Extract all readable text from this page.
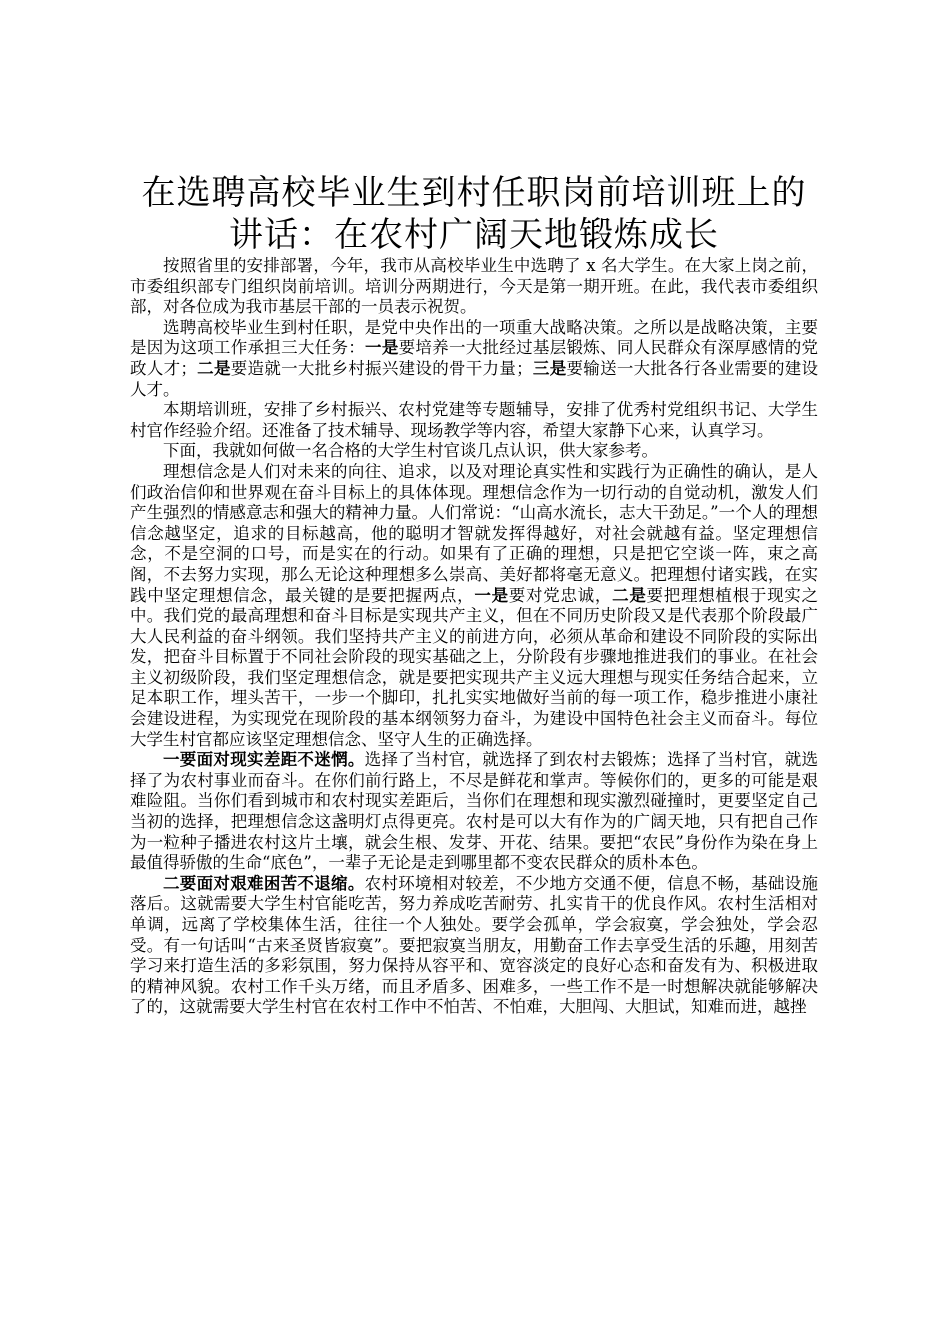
在选聘高校毕业生到村任职岗前培训班上的讲话：在农村广阔天地锻炼成长

按照省里的安排部署，今年，我市从高校毕业生中选聘了 x 名大学生。在大家上岗之前，市委组织部专门组织岗前培训。培训分两期进行，今天是第一期开班。在此，我代表市委组织部，对各位成为我市基层干部的一员表示祝贺。

选聘高校毕业生到村任职，是党中央作出的一项重大战略决策。之所以是战略决策，主要是因为这项工作承担三大任务：一是要培养一大批经过基层锻炼、同人民群众有深厚感情的党政人才；二是要造就一大批乡村振兴建设的骨干力量；三是要输送一大批各行各业需要的建设人才。

本期培训班，安排了乡村振兴、农村党建等专题辅导，安排了优秀村党组织书记、大学生村官作经验介绍。还准备了技术辅导、现场教学等内容，希望大家静下心来，认真学习。

下面，我就如何做一名合格的大学生村官谈几点认识，供大家参考。

理想信念是人们对未来的向往、追求，以及对理论真实性和实践行为正确性的确认，是人们政治信仰和世界观在奋斗目标上的具体体现。理想信念作为一切行动的自觉动机，激发人们产生强烈的情感意志和强大的精神力量。人们常说：“山高水流长，志大干劲足。”一个人的理想信念越坚定，追求的目标越高，他的聪明才智就发挥得越好，对社会就越有益。坚定理想信念，不是空洞的口号，而是实在的行动。如果有了正确的理想，只是把它空谈一阵，束之高阁，不去努力实现，那么无论这种理想多么崇高、美好都将毫无意义。把理想付诸实践，在实践中坚定理想信念，最关键的是要把握两点，一是要对党忠诚，二是要把理想植根于现实之中。我们党的最高理想和奋斗目标是实现共产主义，但在不同历史阶段又是代表那个阶段最广大人民利益的奋斗纲领。我们坚持共产主义的前进方向，必须从革命和建设不同阶段的实际出发，把奋斗目标置于不同社会阶段的现实基础之上，分阶段有步骤地推进我们的事业。在社会主义初级阶段，我们坚定理想信念，就是要把实现共产主义远大理想与现实任务结合起来，立足本职工作，埋头苦干，一步一个脚印，扎扎实实地做好当前的每一项工作，稳步推进小康社会建设进程，为实现党在现阶段的基本纲领努力奋斗，为建设中国特色社会主义而奋斗。每位大学生村官都应该坚定理想信念、坚守人生的正确选择。

一要面对现实差距不迷惘。选择了当村官，就选择了到农村去锻炼；选择了当村官，就选择了为农村事业而奋斗。在你们前行路上，不尽是鲜花和掌声。等候你们的，更多的可能是艰难险阻。当你们看到城市和农村现实差距后，当你们在理想和现实激烈碰撞时，更要坚定自己当初的选择，把理想信念这盏明灯点得更亮。农村是可以大有作为的广阔天地，只有把自己作为一粒种子播进农村这片土壤，就会生根、发芽、开花、结果。要把“农民”身份作为染在身上最值得骄傲的生命“底色”，一辈子无论是走到哪里都不变农民群众的质朴本色。

二要面对艰难困苦不退缩。农村环境相对较差，不少地方交通不便，信息不畅，基础设施落后。这就需要大学生村官能吃苦，努力养成吃苦耐劳、扎实肯干的优良作风。农村生活相对单调，远离了学校集体生活，往往一个人独处。要学会孤单，学会寂寞，学会独处，学会忍受。有一句话叫“古来圣贤皆寂寞”。要把寂寞当朋友，用勤奋工作去享受生活的乐趣，用刻苦学习来打造生活的多彩氛围，努力保持从容平和、宽容淡定的良好心态和奋发有为、积极进取的精神风貌。农村工作千头万绪，而且矛盾多、困难多，一些工作不是一时想解决就能够解决了的，这就需要大学生村官在农村工作中不怕苦、不怕难，大胆闯、大胆试，知难而进，越挫
